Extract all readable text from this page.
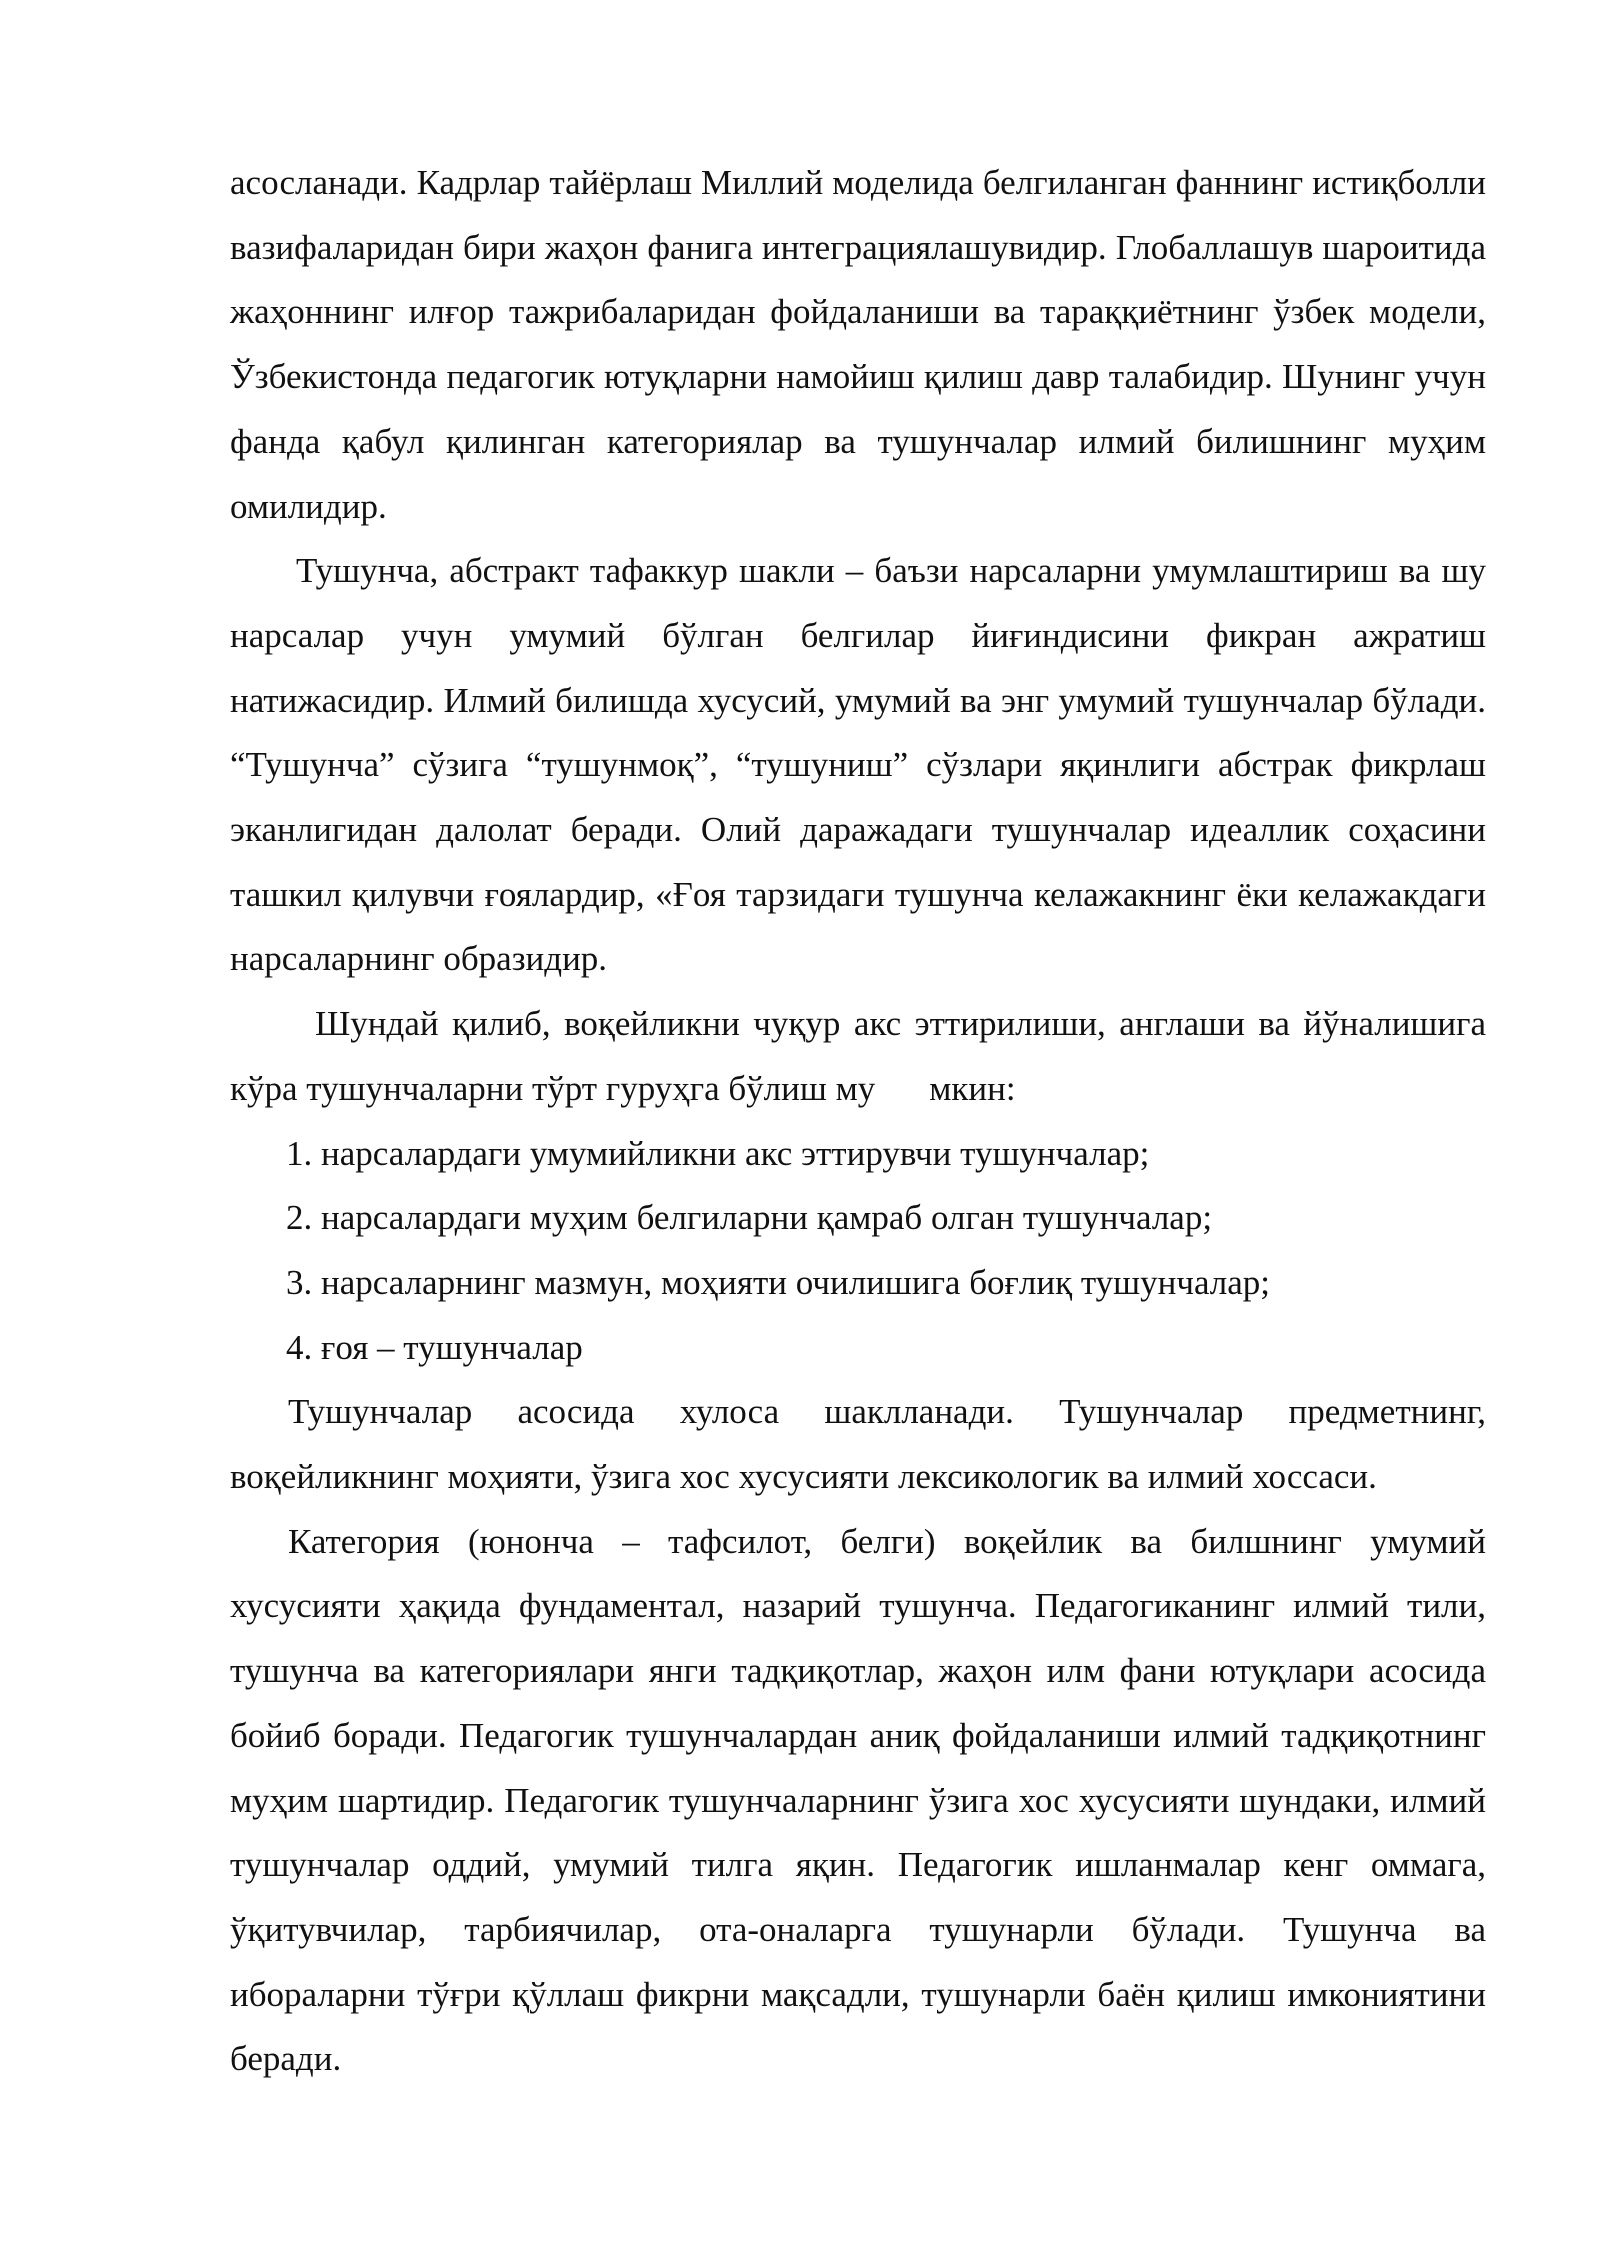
асосланади. Кадрлар тайёрлаш Миллий моделида белгиланган фаннинг истиқболли вазифаларидан бири жаҳон фанига интеграциялашувидир. Глобаллашув шароитида жаҳоннинг илғор тажрибаларидан фойдаланиши ва тараққиётнинг ўзбек модели, Ўзбекистонда педагогик ютуқларни намойиш қилиш давр талабидир. Шунинг учун фанда қабул қилинган категориялар ва тушунчалар илмий билишнинг муҳим омилидир.

Тушунча, абстракт тафаккур шакли – баъзи нарсаларни умумлаштириш ва шу нарсалар учун умумий бўлган белгилар йиғиндисини фикран ажратиш натижасидир. Илмий билишда хусусий, умумий ва энг умумий тушунчалар бўлади. “Тушунча” сўзига “тушунмоқ”, “тушуниш” сўзлари яқинлиги абстрак фикрлаш эканлигидан далолат беради. Олий даражадаги тушунчалар идеаллик соҳасини ташкил қилувчи ғоялардир, «Ғоя тарзидаги тушунча келажакнинг ёки келажакдаги нарсаларнинг образидир.

Шундай қилиб, воқейликни чуқур акс эттирилиши, англаши ва йўналишига кўра тушунчаларни тўрт гуруҳга бўлиш му мкин:

1. нарсалардаги умумийликни акс эттирувчи тушунчалар;

2. нарсалардаги муҳим белгиларни қамраб олган тушунчалар;

3. нарсаларнинг мазмун, моҳияти очилишига боғлиқ тушунчалар;

4. ғоя – тушунчалар

Тушунчалар асосида хулоса шаклланади. Тушунчалар предметнинг, воқейликнинг моҳияти, ўзига хос хусусияти лексикологик ва илмий хоссаси.

Категория (юнонча – тафсилот, белги) воқейлик ва билшнинг умумий хусусияти ҳақида фундаментал, назарий тушунча. Педагогиканинг илмий тили, тушунча ва категориялари янги тадқиқотлар, жаҳон илм фани ютуқлари асосида бойиб боради. Педагогик тушунчалардан аниқ фойдаланиши илмий тадқиқотнинг муҳим шартидир. Педагогик тушунчаларнинг ўзига хос хусусияти шундаки, илмий тушунчалар оддий, умумий тилга яқин. Педагогик ишланмалар кенг оммага, ўқитувчилар, тарбиячилар, ота-оналарга тушунарли бўлади. Тушунча ва ибораларни тўғри қўллаш фикрни мақсадли, тушунарли баён қилиш имкониятини беради.
